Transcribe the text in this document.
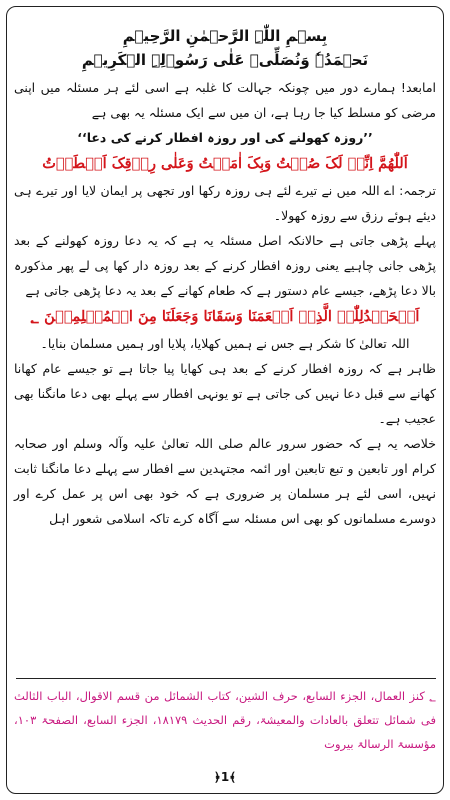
بِسۡمِ اللّٰہِ الرَّحۡمٰنِ الرَّحِیۡمِ
نَحۡمَدُہٗ وَنُصَلِّیۡ عَلٰی رَسُوۡلِہِ الۡکَرِیۡمِ
امابعد! ہمارے دور میں چونکہ جہالت کا غلبہ ہے اسی لئے ہر مسئلہ میں اپنی مرضی کو مسلط کیا جا رہا ہے، ان میں سے ایک مسئلہ یہ بھی ہے
’’روزہ کھولنے کی اور روزہ افطار کرنے کی دعا‘‘
اَللّٰھُمَّ اِنِّیۡ لَکَ صُمۡتُ وَبِکَ اٰمَنۡتُ وَعَلٰی رِزۡقِکَ اَفۡطَرۡتُ
ترجمہ: اے اللہ میں نے تیرے لئے ہی روزہ رکھا اور تجھی پر ایمان لایا اور تیرے ہی دیئے ہوئے رزق سے روزہ کھولا۔
پہلے پڑھی جاتی ہے حالانکہ اصل مسئلہ یہ ہے کہ یہ دعا روزہ کھولنے کے بعد پڑھی جانی چاہیے یعنی روزہ افطار کرنے کے بعد روزہ دار کھا پی لے پھر مذکورہ بالا دعا پڑھے، جیسے عام دستور ہے کہ طعام کھانے کے بعد یہ دعا پڑھی جاتی ہے
اَلۡحَمۡدُلِلّٰہِ الَّذِیۡ اَطۡعَمَنَا وَسَقَانَا وَجَعَلَنَا مِنَ الۡمُسۡلِمِیۡنَ ؂
اللہ تعالیٰ کا شکر ہے جس نے ہمیں کھلایا، پلایا اور ہمیں مسلمان بنایا۔
ظاہر ہے کہ روزہ افطار کرنے کے بعد ہی کھایا پیا جاتا ہے تو جیسے عام کھانا کھانے سے قبل دعا نہیں کی جاتی ہے تو یونہی افطار سے پہلے بھی دعا مانگنا بھی عجیب ہے۔
خلاصہ یہ ہے کہ حضور سرور عالم صلی اللہ تعالیٰ علیہ وآلہ وسلم اور صحابہ کرام اور تابعین و تبع تابعین اور ائمہ مجتہدین سے افطار سے پہلے دعا مانگنا ثابت نہیں، اسی لئے ہر مسلمان پر ضروری ہے کہ خود بھی اس پر عمل کرے اور دوسرے مسلمانوں کو بھی اس مسئلہ سے آگاہ کرے تاکہ اسلامی شعور اہل
؂ کنز العمال، الجزء السابع، حرف الشین، کتاب الشمائل من قسم الاقوال، الباب الثالث فی شمائل تتعلق بالعادات والمعیشۃ، رقم الحدیث ۱۸۱۷۹، الجزء السابع، الصفحۃ ۱۰۳، مؤسسۃ الرسالۃ بیروت
﴿1﴾
